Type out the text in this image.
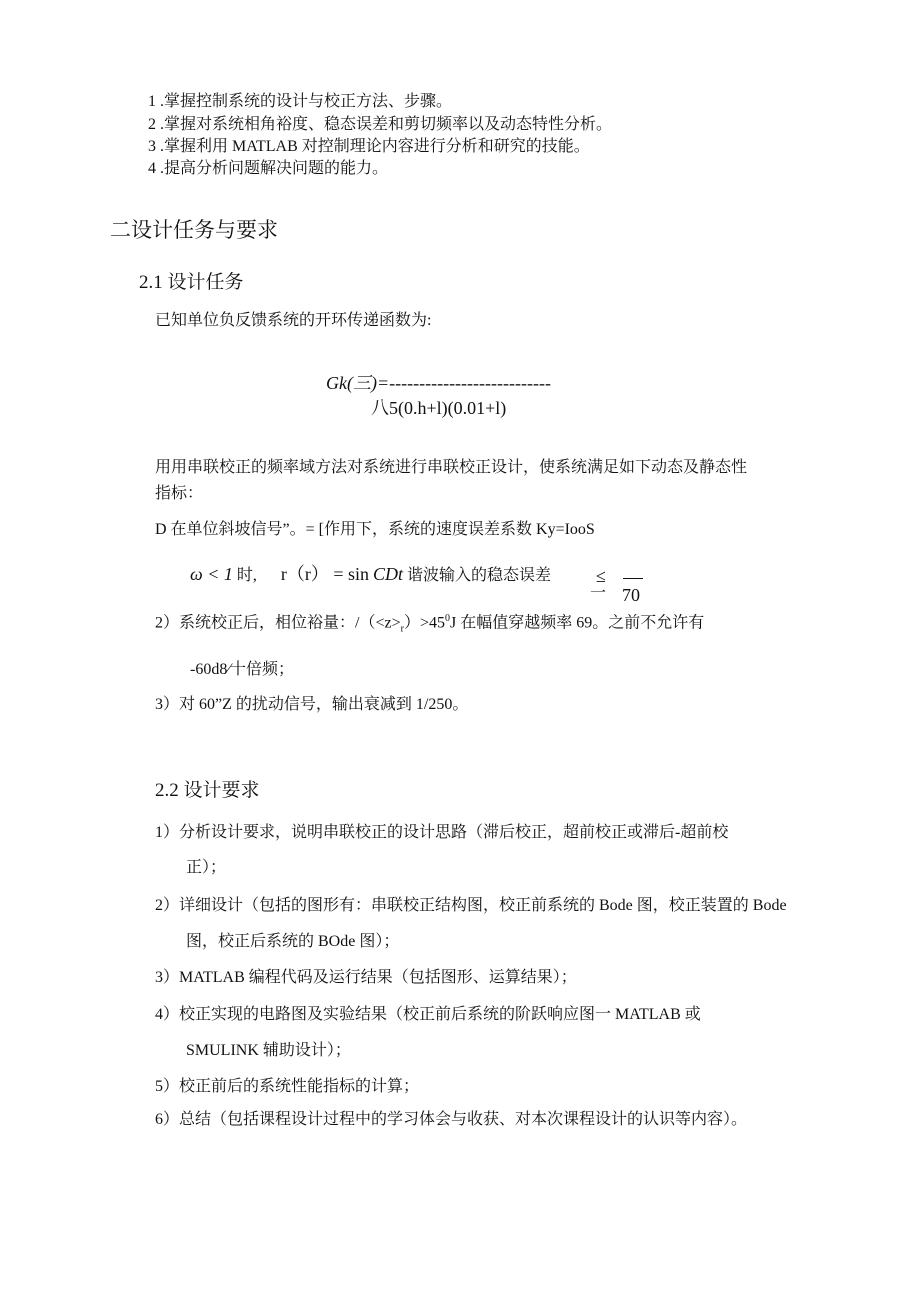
1 .掌握控制系统的设计与校正方法、步骤。
2 .掌握对系统相角裕度、稳态误差和剪切频率以及动态特性分析。
3 .掌握利用 MATLAB 对控制理论内容进行分析和研究的技能。
4 .提高分析问题解决问题的能力。
二设计任务与要求
2.1 设计任务
已知单位负反馈系统的开环传递函数为:
Gk(三)=---------------------------
八5(0.h+l)(0.01+l)
用用串联校正的频率域方法对系统进行串联校正设计，使系统满足如下动态及静态性
指标：
D 在单位斜坡信号”。= [作用下，系统的速度误差系数 Ky=IooS
ω < 1 时, r（r） = sin CDt 谐波输入的稳态误差 ≤
一 70
2）系统校正后，相位裕量：$/(<z>_r)>45^0J$ 在幅值穿越频率 69。之前不允许有
-60d8∕十倍频；
3）对 60”Z 的扰动信号，输出衰减到 1/250。
2.2 设计要求
1）分析设计要求，说明串联校正的设计思路（滞后校正，超前校正或滞后-超前校
正）；
2）详细设计（包括的图形有：串联校正结构图，校正前系统的 Bode 图，校正装置的 Bode
图，校正后系统的 BOde 图）；
3）MATLAB 编程代码及运行结果（包括图形、运算结果）；
4）校正实现的电路图及实验结果（校正前后系统的阶跃响应图一 MATLAB 或
SMULINK 辅助设计）；
5）校正前后的系统性能指标的计算；
6）总结（包括课程设计过程中的学习体会与收获、对本次课程设计的认识等内容）。
